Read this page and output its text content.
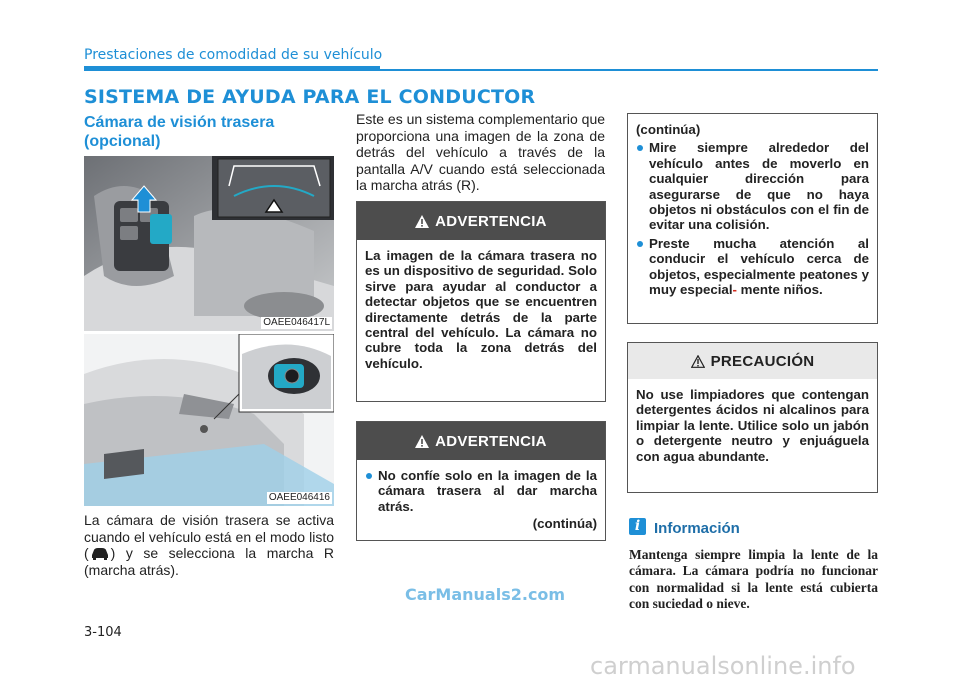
Prestaciones de comodidad de su vehículo
SISTEMA DE AYUDA PARA EL CONDUCTOR
Cámara de visión trasera (opcional)
OAEE046417L
OAEE046416
La cámara de visión trasera se activa cuando el vehículo está en el modo listo ( ) y se selecciona la marcha R (marcha atrás).
Este es un sistema complementario que proporciona una imagen de la zona de detrás del vehículo a través de la pantalla A/V cuando está seleccionada la marcha atrás (R).
ADVERTENCIA
La imagen de la cámara trasera no es un dispositivo de seguridad. Solo sirve para ayudar al conductor a detectar objetos que se encuentren directamente detrás de la parte central del vehículo. La cámara no cubre toda la zona detrás del vehículo.
ADVERTENCIA
No confíe solo en la imagen de la cámara trasera al dar marcha atrás.
(continúa)
(continúa)
Mire siempre alrededor del vehículo antes de moverlo en cualquier dirección para asegurarse de que no haya objetos ni obstáculos con el fin de evitar una colisión.
Preste mucha atención al conducir el vehículo cerca de objetos, especialmente peatones y muy especial- mente niños.
PRECAUCIÓN
No use limpiadores que contengan detergentes ácidos ni alcalinos para limpiar la lente. Utilice solo un jabón o detergente neutro y enjuáguela con agua abundante.
i Información
Mantenga siempre limpia la lente de la cámara. La cámara podría no funcionar con normalidad si la lente está cubierta con suciedad o nieve.
3-104
CarManuals2.com
carmanualsonline.info
